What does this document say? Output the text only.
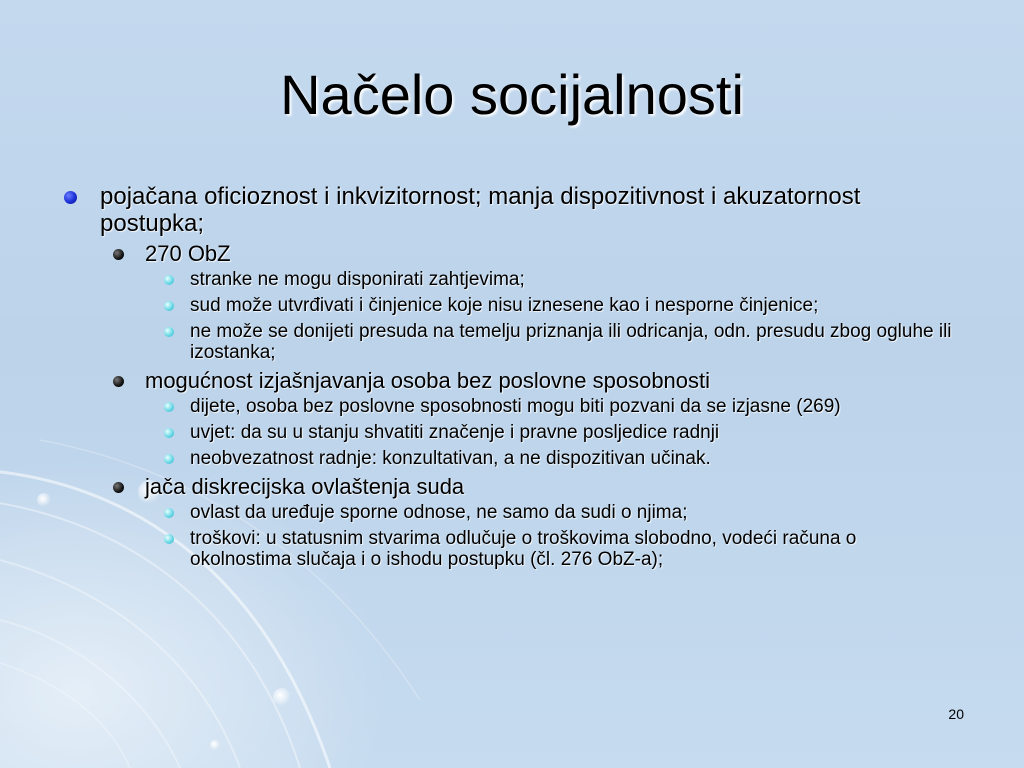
Načelo socijalnosti
pojačana oficioznost i inkvizitornost; manja dispozitivnost i akuzatornost postupka;
270 ObZ
stranke ne mogu disponirati zahtjevima;
sud može utvrđivati i činjenice koje nisu iznesene kao i nesporne činjenice;
ne može se donijeti presuda na temelju priznanja ili odricanja, odn. presudu zbog ogluhe ili izostanka;
mogućnost izjašnjavanja osoba bez poslovne sposobnosti
dijete, osoba bez poslovne sposobnosti mogu biti pozvani da se izjasne (269)
uvjet: da su u stanju shvatiti značenje i pravne posljedice radnji
neobvezatnost radnje: konzultativan, a ne dispozitivan učinak.
jača diskrecijska ovlaštenja suda
ovlast da uređuje sporne odnose, ne samo da sudi o njima;
troškovi: u statusnim stvarima odlučuje o troškovima slobodno, vodeći računa o okolnostima slučaja i o ishodu postupku (čl. 276 ObZ-a);
20
